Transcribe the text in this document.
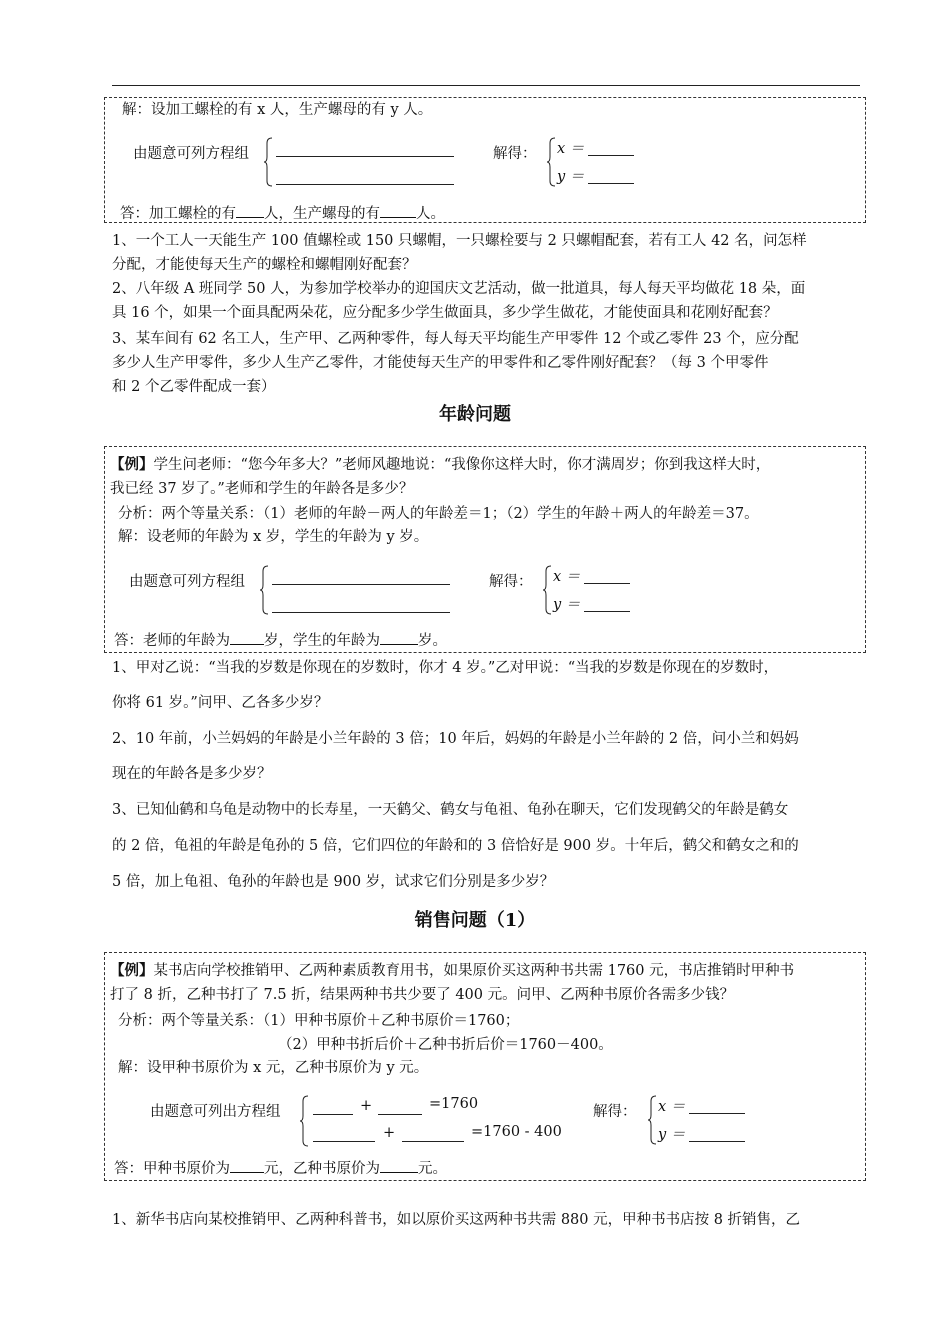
解：设加工螺栓的有 x 人，生产螺母的有 y 人。
由题意可列方程组	解得： x ＝
y ＝
答：加工螺栓的有 人，生产螺母的有 人。
1、一个工人一天能生产 100 值螺栓或 150 只螺帽，一只螺栓要与 2 只螺帽配套，若有工人 42 名，问怎样
分配，才能使每天生产的螺栓和螺帽刚好配套？
2、八年级 A 班同学 50 人，为参加学校举办的迎国庆文艺活动，做一批道具，每人每天平均做花 18 朵，面
具 16 个，如果一个面具配两朵花，应分配多少学生做面具，多少学生做花，才能使面具和花刚好配套？
3、某车间有 62 名工人，生产甲、乙两种零件，每人每天平均能生产甲零件 12 个或乙零件 23 个，应分配
多少人生产甲零件，多少人生产乙零件，才能使每天生产的甲零件和乙零件刚好配套？（每 3 个甲零件
和 2 个乙零件配成一套）
年龄问题
【例】学生问老师：“您今年多大？”老师风趣地说：“我像你这样大时，你才满周岁；你到我这样大时，
我已经 37 岁了。”老师和学生的年龄各是多少？
分析：两个等量关系：（1）老师的年龄－两人的年龄差＝1；（2）学生的年龄＋两人的年龄差＝37。
解：设老师的年龄为 x 岁，学生的年龄为 y 岁。
由题意可列方程组	解得： x ＝
y ＝
答：老师的年龄为 岁，学生的年龄为	岁。
1、甲对乙说：“当我的岁数是你现在的岁数时，你才 4 岁。”乙对甲说：“当我的岁数是你现在的岁数时，
你将 61 岁。”问甲、乙各多少岁？
2、10 年前，小兰妈妈的年龄是小兰年龄的 3 倍；10 年后，妈妈的年龄是小兰年龄的 2 倍，问小兰和妈妈
现在的年龄各是多少岁？
3、已知仙鹤和乌龟是动物中的长寿星，一天鹤父、鹤女与龟祖、龟孙在聊天，它们发现鹤父的年龄是鹤女
的 2 倍，龟祖的年龄是龟孙的 5 倍，它们四位的年龄和的 3 倍恰好是 900 岁。十年后，鹤父和鹤女之和的
5 倍，加上龟祖、龟孙的年龄也是 900 岁，试求它们分别是多少岁？
销售问题（1）
【例】某书店向学校推销甲、乙两种素质教育用书，如果原价买这两种书共需 1760 元，书店推销时甲种书
打了 8 折，乙种书打了 7.5 折，结果两种书共少要了 400 元。问甲、乙两种书原价各需多少钱？
分析：两个等量关系：（1）甲种书原价＋乙种书原价＝1760；
（2）甲种书折后价＋乙种书折后价＝1760－400。
解：设甲种书原价为 x 元，乙种书原价为 y 元。
由题意可列出方程组	+	=1760
+	=1760 - 400
解得： x ＝
y ＝
答：甲种书原价为 元，乙种书原价为	元。
1、新华书店向某校推销甲、乙两种科普书，如以原价买这两种书共需 880 元，甲种书书店按 8 折销售，乙
